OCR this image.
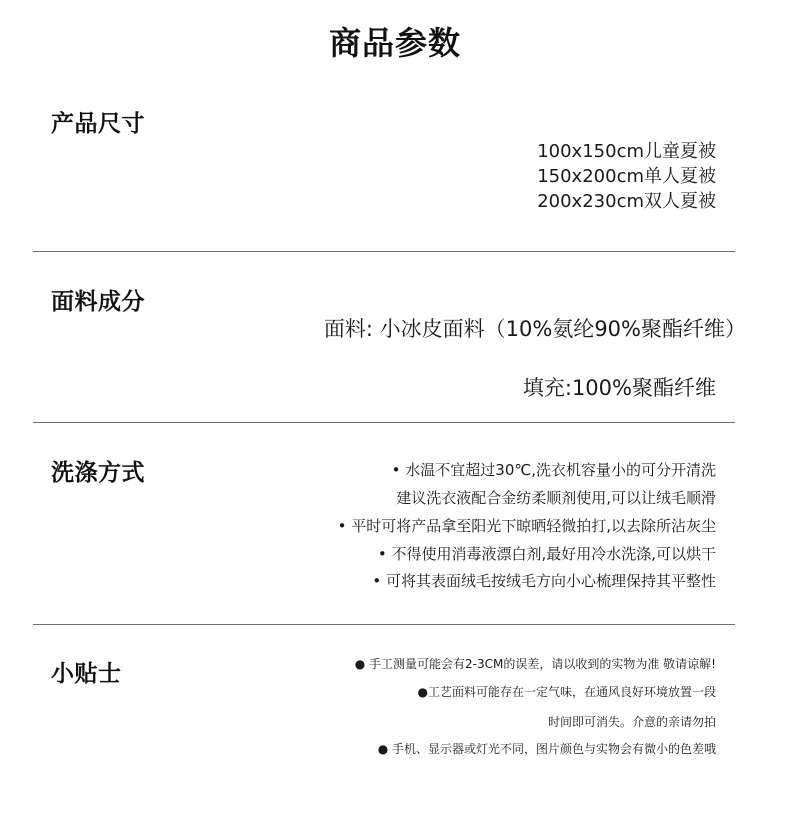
商品参数
产品尺寸
100x150cm儿童夏被
150x200cm单人夏被
200x230cm双人夏被
面料成分
面料: 小冰皮面料（10%氨纶90%聚酯纤维）
填充:100%聚酯纤维
洗涤方式	• 水温不宜超过30℃,洗衣机容量小的可分开清洗
建议洗衣液配合金纺柔顺剂使用,可以让绒毛顺滑
• 平时可将产品拿至阳光下晾晒轻微拍打,以去除所沾灰尘
• 不得使用消毒液漂白剂,最好用冷水洗涤,可以烘干
• 可将其表面绒毛按绒毛方向小心梳理保持其平整性
小贴士	● 手工测量可能会有2-3CM的误差，请以收到的实物为准 敬请谅解!
●工艺面料可能存在一定气味，在通风良好环境放置一段
时间即可消失。介意的亲请勿拍
● 手机、显示器或灯光不同，图片颜色与实物会有微小的色差哦
